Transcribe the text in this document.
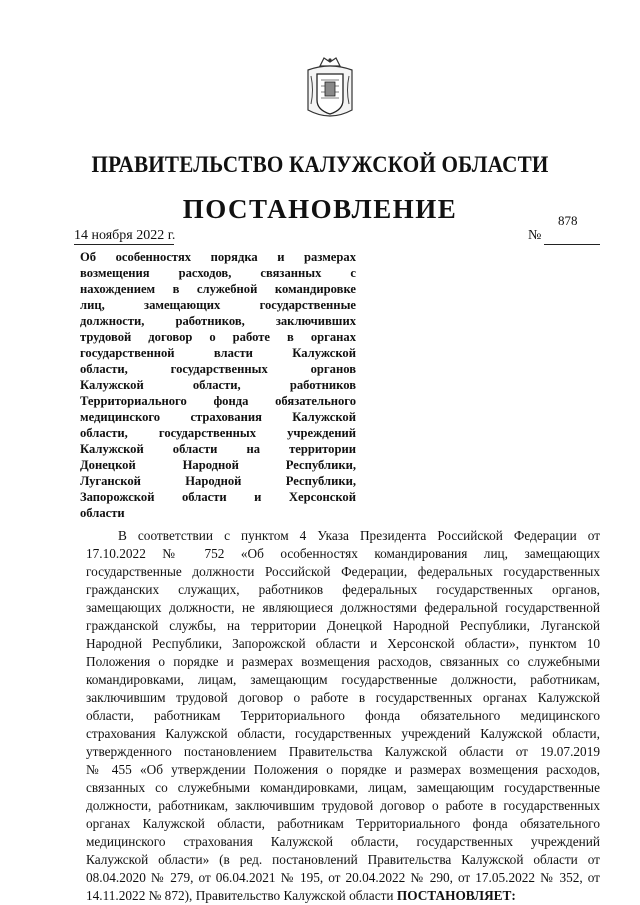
ПРАВИТЕЛЬСТВО КАЛУЖСКОЙ ОБЛАСТИ
ПОСТАНОВЛЕНИЕ
14 ноября 2022 г.
878
№
Об особенностях порядка и размерах
возмещения расходов, связанных с
нахождением в служебной командировке
лиц, замещающих государственные
должности, работников, заключивших
трудовой договор о работе в органах
государственной власти Калужской
области, государственных органов
Калужской области, работников
Территориального фонда обязательного
медицинского страхования Калужской
области, государственных учреждений
Калужской области на территории
Донецкой Народной Республики,
Луганской Народной Республики,
Запорожской области и Херсонской
области
В соответствии с пунктом 4 Указа Президента Российской Федерации от
17.10.2022 № 752 «Об особенностях командирования лиц, замещающих
государственные должности Российской Федерации, федеральных государственных
гражданских служащих, работников федеральных государственных органов,
замещающих должности, не являющиеся должностями федеральной государственной
гражданской службы, на территории Донецкой Народной Республики, Луганской
Народной Республики, Запорожской области и Херсонской области», пунктом 10
Положения о порядке и размерах возмещения расходов, связанных со служебными
командировками, лицам, замещающим государственные должности, работникам,
заключившим трудовой договор о работе в государственных органах Калужской
области, работникам Территориального фонда обязательного медицинского
страхования Калужской области, государственных учреждений Калужской области,
утвержденного постановлением Правительства Калужской области от 19.07.2019
№ 455 «Об утверждении Положения о порядке и размерах возмещения расходов,
связанных со служебными командировками, лицам, замещающим государственные
должности, работникам, заключившим трудовой договор о работе в государственных
органах Калужской области, работникам Территориального фонда обязательного
медицинского страхования Калужской области, государственных учреждений
Калужской области» (в ред. постановлений Правительства Калужской области от
08.04.2020 № 279, от 06.04.2021 № 195, от 20.04.2022 № 290, от 17.05.2022 № 352, от
14.11.2022 № 872), Правительство Калужской области ПОСТАНОВЛЯЕТ:
